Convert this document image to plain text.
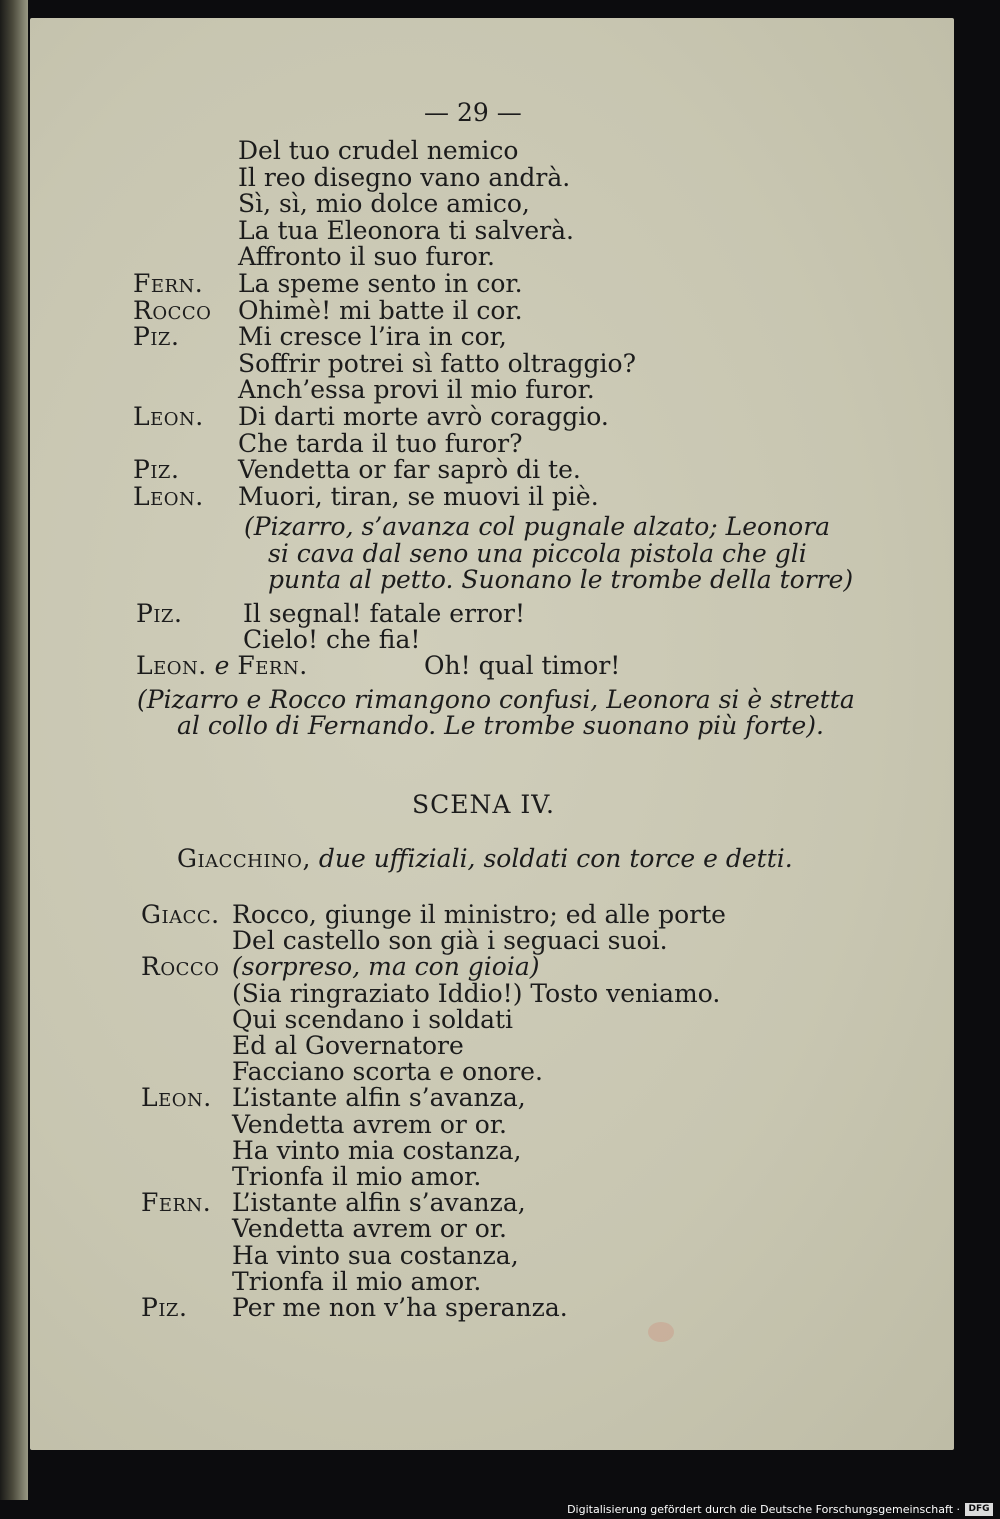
— 29 —
Del tuo crudel nemico
Il reo disegno vano andrà.
Sì, sì, mio dolce amico,
La tua Eleonora ti salverà.
Affronto il suo furor.
Fern. La speme sento in cor.
Rocco Ohimè! mi batte il cor.
Piz. Mi cresce l’ira in cor,
Soffrir potrei sì fatto oltraggio?
Anch’essa provi il mio furor.
Leon. Di darti morte avrò coraggio.
Che tarda il tuo furor?
Piz. Vendetta or far saprò di te.
Leon. Muori, tiran, se muovi il piè.
(Pizarro, s’avanza col pugnale alzato; Leonora
si cava dal seno una piccola pistola che gli
punta al petto. Suonano le trombe della torre)
Piz. Il segnal! fatale error!
Cielo! che fia!
Leon. e Fern.	Oh! qual timor!
(Pizarro e Rocco rimangono confusi, Leonora si è stretta
al collo di Fernando. Le trombe suonano più forte).
SCENA IV.
Giacchino, due uffiziali, soldati con torce e detti.
Giacc. Rocco, giunge il ministro; ed alle porte
Del castello son già i seguaci suoi.
Rocco (sorpreso, ma con gioia)
(Sia ringraziato Iddio!) Tosto veniamo.
Qui scendano i soldati
Ed al Governatore
Facciano scorta e onore.
Leon. L’istante alfin s’avanza,
Vendetta avrem or or.
Ha vinto mia costanza,
Trionfa il mio amor.
Fern. L’istante alfin s’avanza,
Vendetta avrem or or.
Ha vinto sua costanza,
Trionfa il mio amor.
Piz. Per me non v’ha speranza.
Digitalisierung gefördert durch die Deutsche Forschungsgemeinschaft · DFG
